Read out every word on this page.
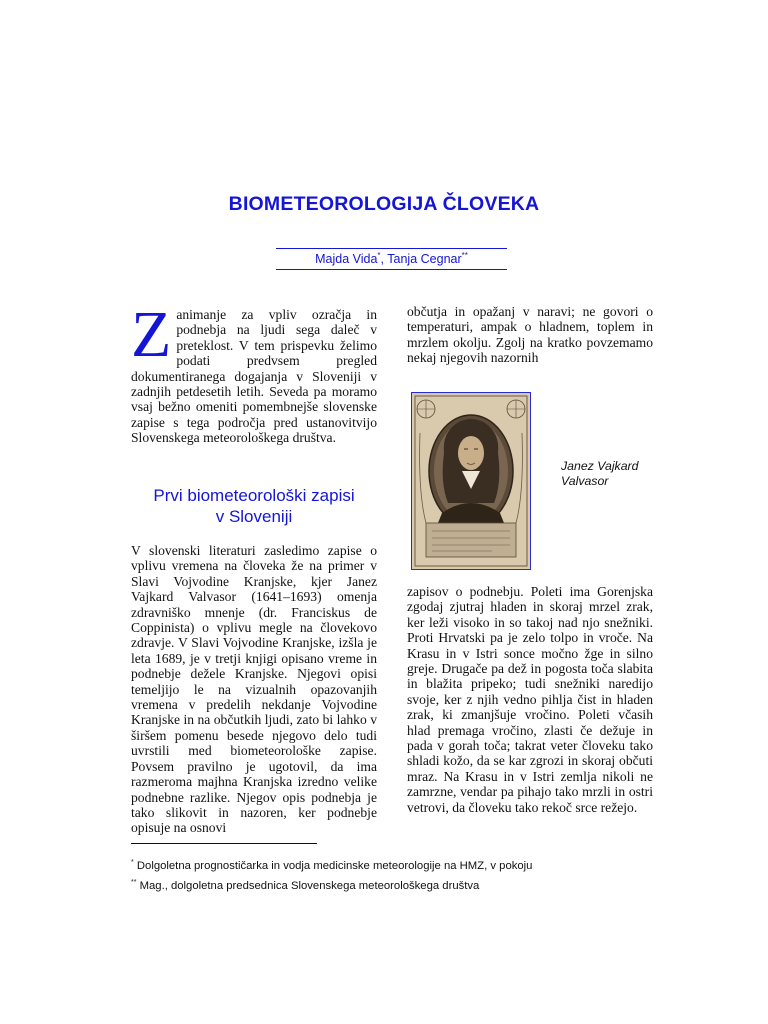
BIOMETEOROLOGIJA ČLOVEKA
Majda Vida*, Tanja Cegnar**
Zanimanje za vpliv ozračja in podnebja na ljudi sega daleč v preteklost. V tem prispevku želimo podati predvsem pregled dokumentiranega dogajanja v Sloveniji v zadnjih petdesetih letih. Seveda pa moramo vsaj bežno omeniti pomembnejše slovenske zapise s tega področja pred ustanovitvijo Slovenskega meteorološkega društva.
Prvi biometeorološki zapisi
v Sloveniji

V slovenski literaturi zasledimo zapise o vplivu vremena na človeka že na primer v Slavi Vojvodine Kranjske, kjer Janez Vajkard Valvasor (1641–1693) omenja zdravniško mnenje (dr. Franciskus de Coppinista) o vplivu megle na človekovo zdravje. V Slavi Vojvodine Kranjske, izšla je leta 1689, je v tretji knjigi opisano vreme in podnebje dežele Kranjske. Njegovi opisi temeljijo le na vizualnih opazovanjih vremena v predelih nekdanje Vojvodine Kranjske in na občutkih ljudi, zato bi lahko v širšem pomenu besede njegovo delo tudi uvrstili med biometeorološke zapise. Povsem pravilno je ugotovil, da ima razmeroma majhna Kranjska izredno velike podnebne razlike. Njegov opis podnebja je tako slikovit in nazoren, ker podnebje opisuje na osnovi

občutja in opažanj v naravi; ne govori o temperaturi, ampak o hladnem, toplem in mrzlem okolju. Zgolj na kratko povzemamo nekaj njegovih nazornih

Janez Vajkard
Valvasor

zapisov o podnebju. Poleti ima Gorenjska zgodaj zjutraj hladen in skoraj mrzel zrak, ker leži visoko in so takoj nad njo snežniki. Proti Hrvatski pa je zelo tolpo in vroče. Na Krasu in v Istri sonce močno žge in silno greje. Drugače pa dež in pogosta toča slabita in blažita pripeko; tudi snežniki naredijo svoje, ker z njih vedno pihlja čist in hladen zrak, ki zmanjšuje vročino. Poleti včasih hlad premaga vročino, zlasti če dežuje in pada v gorah toča; takrat veter človeku tako shladi kožo, da se kar zgrozi in skoraj občuti mraz. Na Krasu in v Istri zemlja nikoli ne zamrzne, vendar pa pihajo tako mrzli in ostri vetrovi, da človeku tako rekoč srce režejo.

* Dolgoletna prognostičarka in vodja medicinske meteorologije na HMZ, v pokoju
** Mag., dolgoletna predsednica Slovenskega meteorološkega društva
